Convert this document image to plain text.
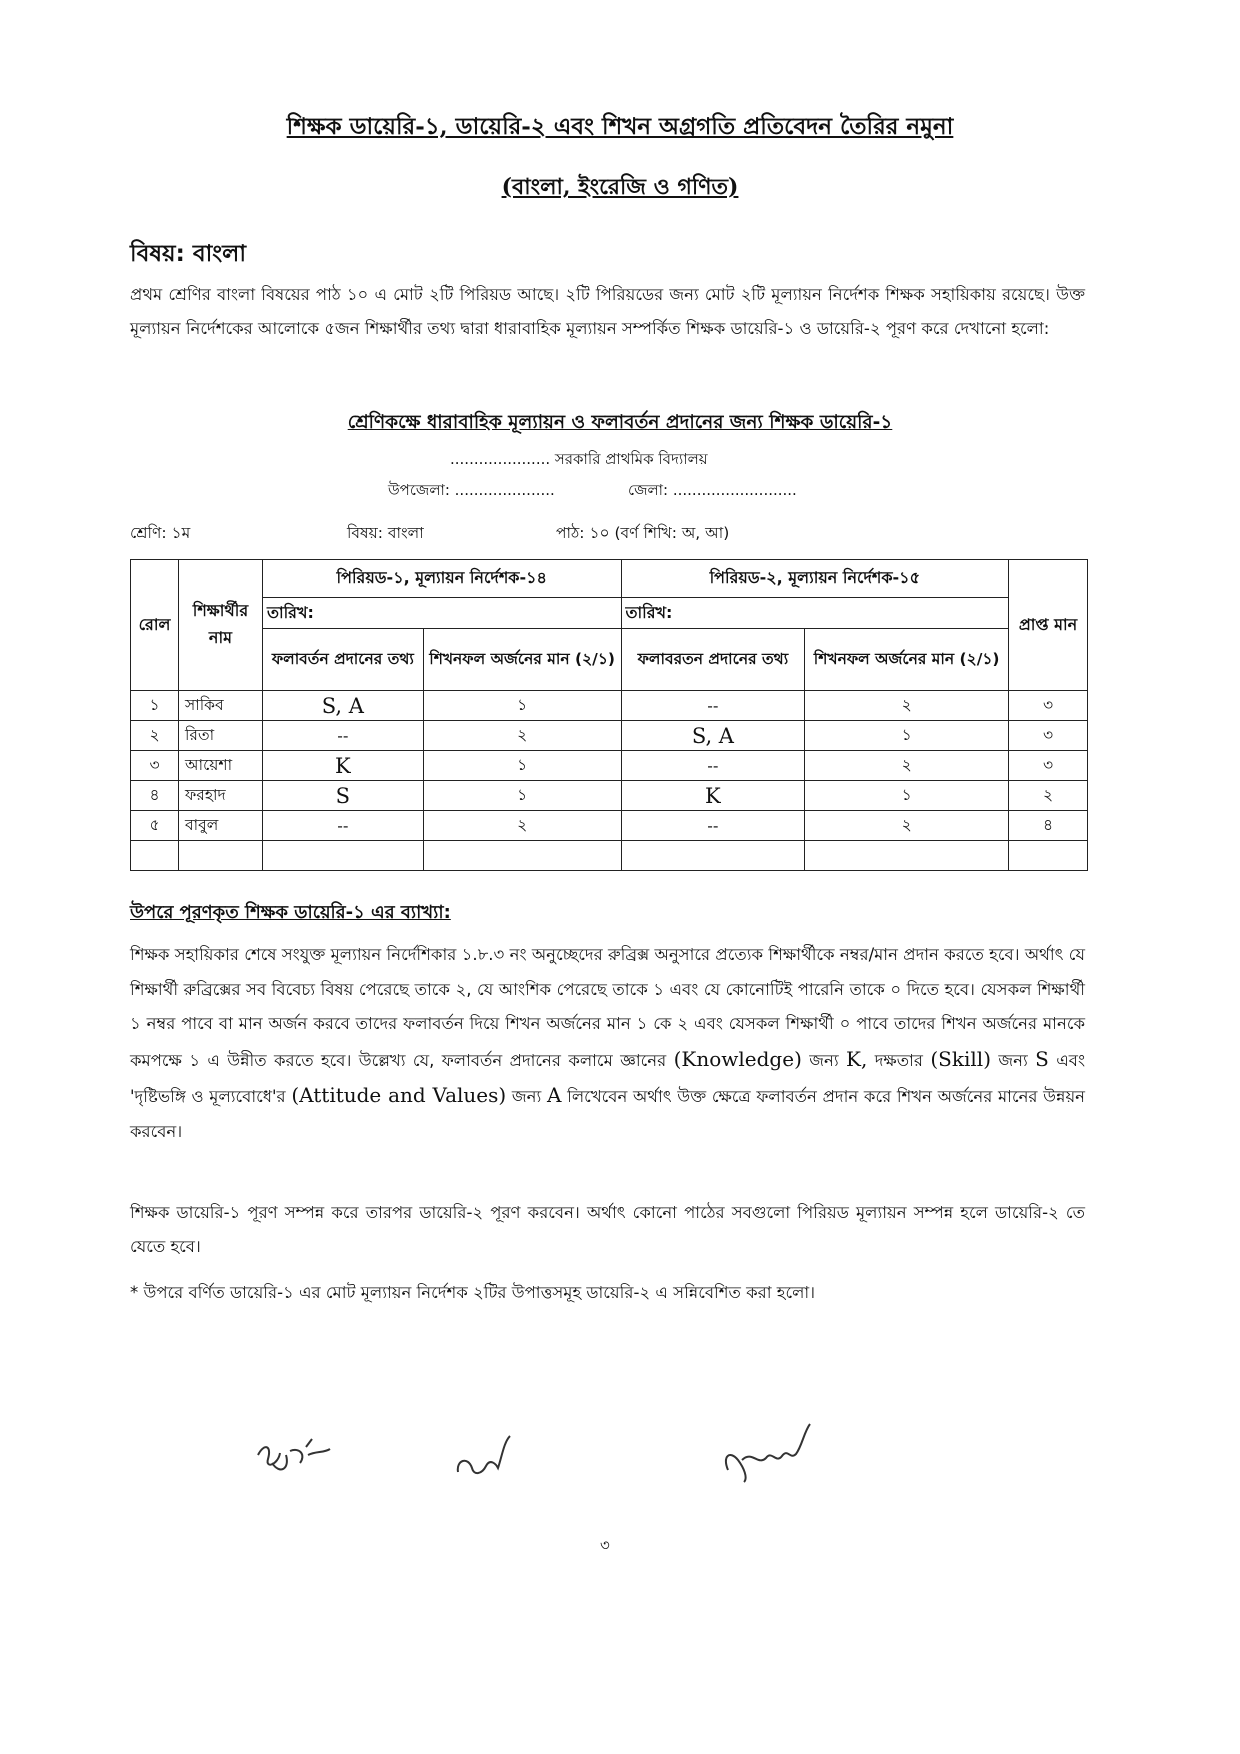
শিক্ষক ডায়েরি-১, ডায়েরি-২ এবং শিখন অগ্রগতি প্রতিবেদন তৈরির নমুনা
(বাংলা, ইংরেজি ও গণিত)
বিষয়: বাংলা
প্রথম শ্রেণির বাংলা বিষয়ের পাঠ ১০ এ মোট ২টি পিরিয়ড আছে। ২টি পিরিয়ডের জন্য মোট ২টি মূল্যায়ন নির্দেশক শিক্ষক সহায়িকায় রয়েছে। উক্ত মূল্যায়ন নির্দেশকের আলোকে ৫জন শিক্ষার্থীর তথ্য দ্বারা ধারাবাহিক মূল্যায়ন সম্পর্কিত শিক্ষক ডায়েরি-১ ও ডায়েরি-২ পূরণ করে দেখানো হলো:
শ্রেণিকক্ষে ধারাবাহিক মূল্যায়ন ও ফলাবর্তন প্রদানের জন্য শিক্ষক ডায়েরি-১
..................... সরকারি প্রাথমিক বিদ্যালয়
উপজেলা: .....................	জেলা: ..........................
শ্রেণি: ১ম	বিষয়: বাংলা	পাঠ: ১০ (বর্ণ শিখি: অ, আ)
রোল	শিক্ষার্থীর নাম	পিরিয়ড-১, মূল্যায়ন নির্দেশক-১৪		পিরিয়ড-২, মূল্যায়ন নির্দেশক-১৫		প্রাপ্ত মান
		তারিখ:		তারিখ:		
		ফলাবর্তন প্রদানের তথ্য	শিখনফল অর্জনের মান (২/১)	ফলাবরতন প্রদানের তথ্য	শিখনফল অর্জনের মান (২/১)	
১	সাকিব	S, A	১	--	২	৩
২	রিতা	--	২	S, A	১	৩
৩	আয়েশা	K	১	--	২	৩
৪	ফরহাদ	S	১	K	১	২
৫	বাবুল	--	২	--	২	৪

উপরে পূরণকৃত শিক্ষক ডায়েরি-১ এর ব্যাখ্যা:
শিক্ষক সহায়িকার শেষে সংযুক্ত মূল্যায়ন নির্দেশিকার ১.৮.৩ নং অনুচ্ছেদের রুব্রিক্স অনুসারে প্রত্যেক শিক্ষার্থীকে নম্বর/মান প্রদান করতে হবে। অর্থাৎ যে শিক্ষার্থী রুব্রিক্সের সব বিবেচ্য বিষয় পেরেছে তাকে ২, যে আংশিক পেরেছে তাকে ১ এবং যে কোনোটিই পারেনি তাকে ০ দিতে হবে। যেসকল শিক্ষার্থী ১ নম্বর পাবে বা মান অর্জন করবে তাদের ফলাবর্তন দিয়ে শিখন অর্জনের মান ১ কে ২ এবং যেসকল শিক্ষার্থী ০ পাবে তাদের শিখন অর্জনের মানকে কমপক্ষে ১ এ উন্নীত করতে হবে। উল্লেখ্য যে, ফলাবর্তন প্রদানের কলামে জ্ঞানের (Knowledge) জন্য K, দক্ষতার (Skill) জন্য S এবং 'দৃষ্টিভঙ্গি ও মূল্যবোধে'র (Attitude and Values) জন্য A লিখেবেন অর্থাৎ উক্ত ক্ষেত্রে ফলাবর্তন প্রদান করে শিখন অর্জনের মানের উন্নয়ন করবেন।
শিক্ষক ডায়েরি-১ পূরণ সম্পন্ন করে তারপর ডায়েরি-২ পূরণ করবেন। অর্থাৎ কোনো পাঠের সবগুলো পিরিয়ড মূল্যায়ন সম্পন্ন হলে ডায়েরি-২ তে যেতে হবে।
* উপরে বর্ণিত ডায়েরি-১ এর মোট মূল্যায়ন নির্দেশক ২টির উপাত্তসমূহ ডায়েরি-২ এ সন্নিবেশিত করা হলো।
৩
